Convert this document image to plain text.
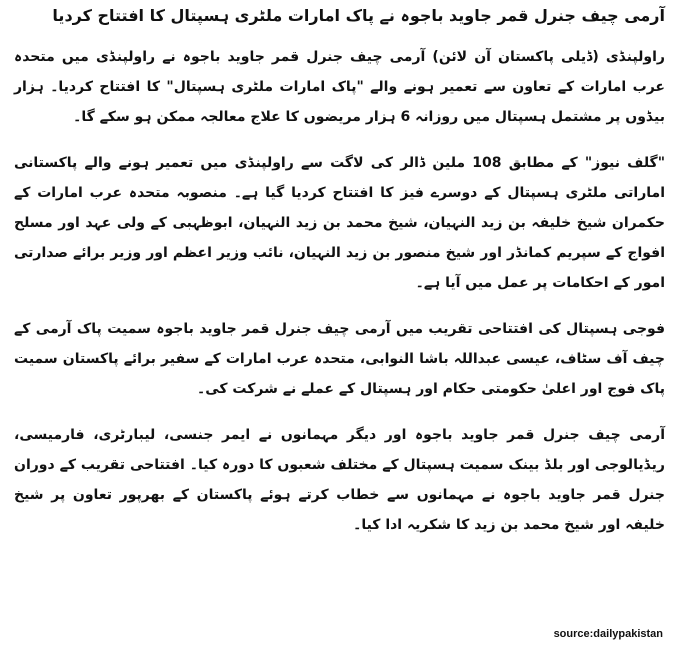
آرمی چیف جنرل قمر جاوید باجوہ نے پاک امارات ملٹری ہسپتال کا افتتاح کردیا

راولپنڈی (ڈیلی پاکستان آن لائن) آرمی چیف جنرل قمر جاوید باجوہ نے راولپنڈی میں متحدہ عرب امارات کے تعاون سے تعمیر ہونے والے "پاک امارات ملٹری ہسپتال" کا افتتاح کردیا۔ ہزار بیڈوں پر مشتمل ہسپتال میں روزانہ 6 ہزار مریضوں کا علاج معالجہ ممکن ہو سکے گا۔

"گلف نیوز" کے مطابق 108 ملین ڈالر کی لاگت سے راولپنڈی میں تعمیر ہونے والے پاکستانی اماراتی ملٹری ہسپتال کے دوسرے فیز کا افتتاح کردیا گیا ہے۔ منصوبہ متحدہ عرب امارات کے حکمران شیخ خلیفہ بن زید النہیان، شیخ محمد بن زید النہیان، ابوظہبی کے ولی عہد اور مسلح افواج کے سپریم کمانڈر اور شیخ منصور بن زید النہیان، نائب وزیر اعظم اور وزیر برائے صدارتی امور کے احکامات پر عمل میں آیا ہے۔

فوجی ہسپتال کی افتتاحی تقریب میں آرمی چیف جنرل قمر جاوید باجوہ سمیت پاک آرمی کے چیف آف سٹاف، عیسی عبداللہ باشا النوابی، متحدہ عرب امارات کے سفیر برائے پاکستان سمیت پاک فوج اور اعلیٰ حکومتی حکام اور ہسپتال کے عملے نے شرکت کی۔

آرمی چیف جنرل قمر جاوید باجوہ اور دیگر مہمانوں نے ایمر جنسی، لیبارٹری، فارمیسی، ریڈیالوجی اور بلڈ بینک سمیت ہسپتال کے مختلف شعبوں کا دورہ کیا۔ افتتاحی تقریب کے دوران جنرل قمر جاوید باجوہ نے مہمانوں سے خطاب کرتے ہوئے پاکستان کے بھرپور تعاون پر شیخ خلیفہ اور شیخ محمد بن زید کا شکریہ ادا کیا۔

source:dailypakistan
